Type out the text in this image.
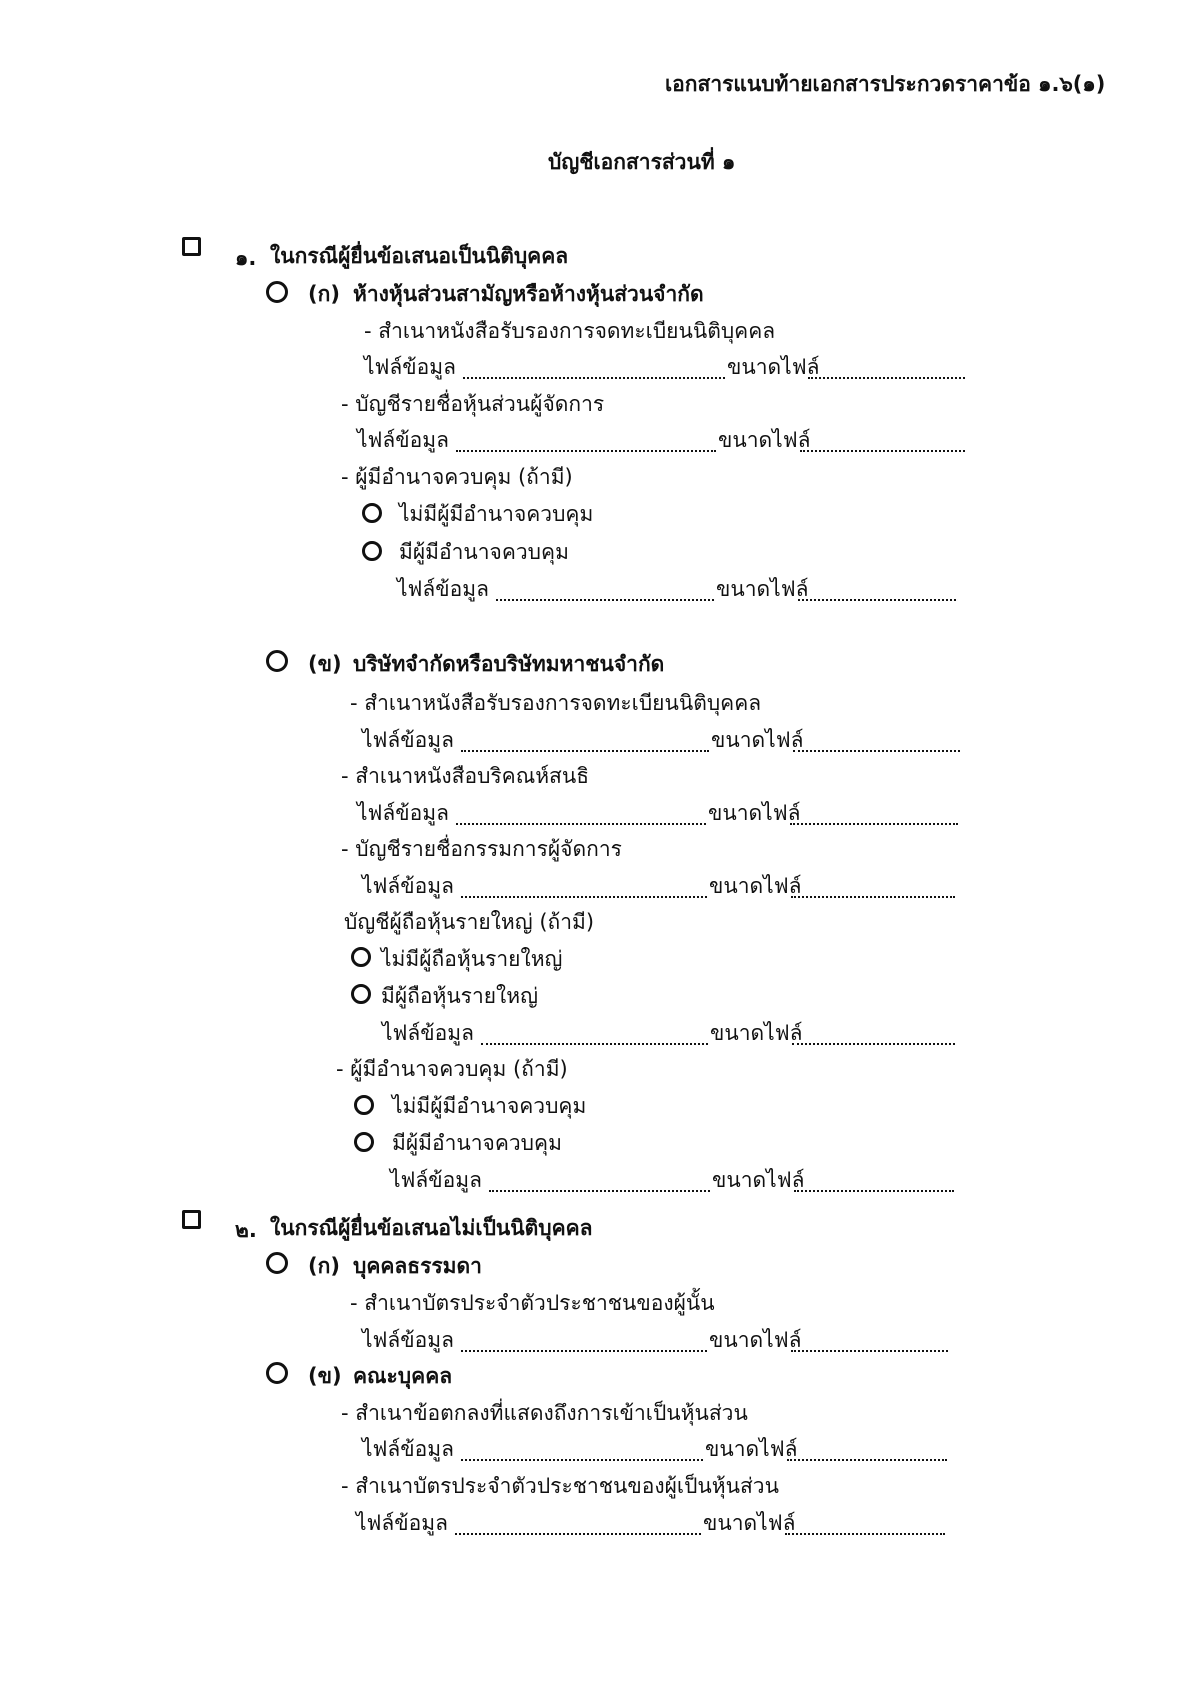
เอกสารแนบท้ายเอกสารประกวดราคาข้อ ๑.๖(๑)
บัญชีเอกสารส่วนที่ ๑
๑. ในกรณีผู้ยื่นข้อเสนอเป็นนิติบุคคล
(ก) ห้างหุ้นส่วนสามัญหรือห้างหุ้นส่วนจำกัด
- สำเนาหนังสือรับรองการจดทะเบียนนิติบุคคล
ไฟล์ข้อมูล	ขนาดไฟล์
- บัญชีรายชื่อหุ้นส่วนผู้จัดการ
ไฟล์ข้อมูล	ขนาดไฟล์
- ผู้มีอำนาจควบคุม (ถ้ามี)
ไม่มีผู้มีอำนาจควบคุม
มีผู้มีอำนาจควบคุม
ไฟล์ข้อมูล	ขนาดไฟล์
(ข) บริษัทจำกัดหรือบริษัทมหาชนจำกัด
- สำเนาหนังสือรับรองการจดทะเบียนนิติบุคคล
ไฟล์ข้อมูล	ขนาดไฟล์
- สำเนาหนังสือบริคณห์สนธิ
ไฟล์ข้อมูล	ขนาดไฟล์
- บัญชีรายชื่อกรรมการผู้จัดการ
ไฟล์ข้อมูล	ขนาดไฟล์
บัญชีผู้ถือหุ้นรายใหญ่ (ถ้ามี)
ไม่มีผู้ถือหุ้นรายใหญ่
มีผู้ถือหุ้นรายใหญ่
ไฟล์ข้อมูล	ขนาดไฟล์
- ผู้มีอำนาจควบคุม (ถ้ามี)
ไม่มีผู้มีอำนาจควบคุม
มีผู้มีอำนาจควบคุม
ไฟล์ข้อมูล	ขนาดไฟล์
๒. ในกรณีผู้ยื่นข้อเสนอไม่เป็นนิติบุคคล
(ก) บุคคลธรรมดา
- สำเนาบัตรประจำตัวประชาชนของผู้นั้น
ไฟล์ข้อมูล	ขนาดไฟล์
(ข) คณะบุคคล
- สำเนาข้อตกลงที่แสดงถึงการเข้าเป็นหุ้นส่วน
ไฟล์ข้อมูล	ขนาดไฟล์
- สำเนาบัตรประจำตัวประชาชนของผู้เป็นหุ้นส่วน
ไฟล์ข้อมูล	ขนาดไฟล์
